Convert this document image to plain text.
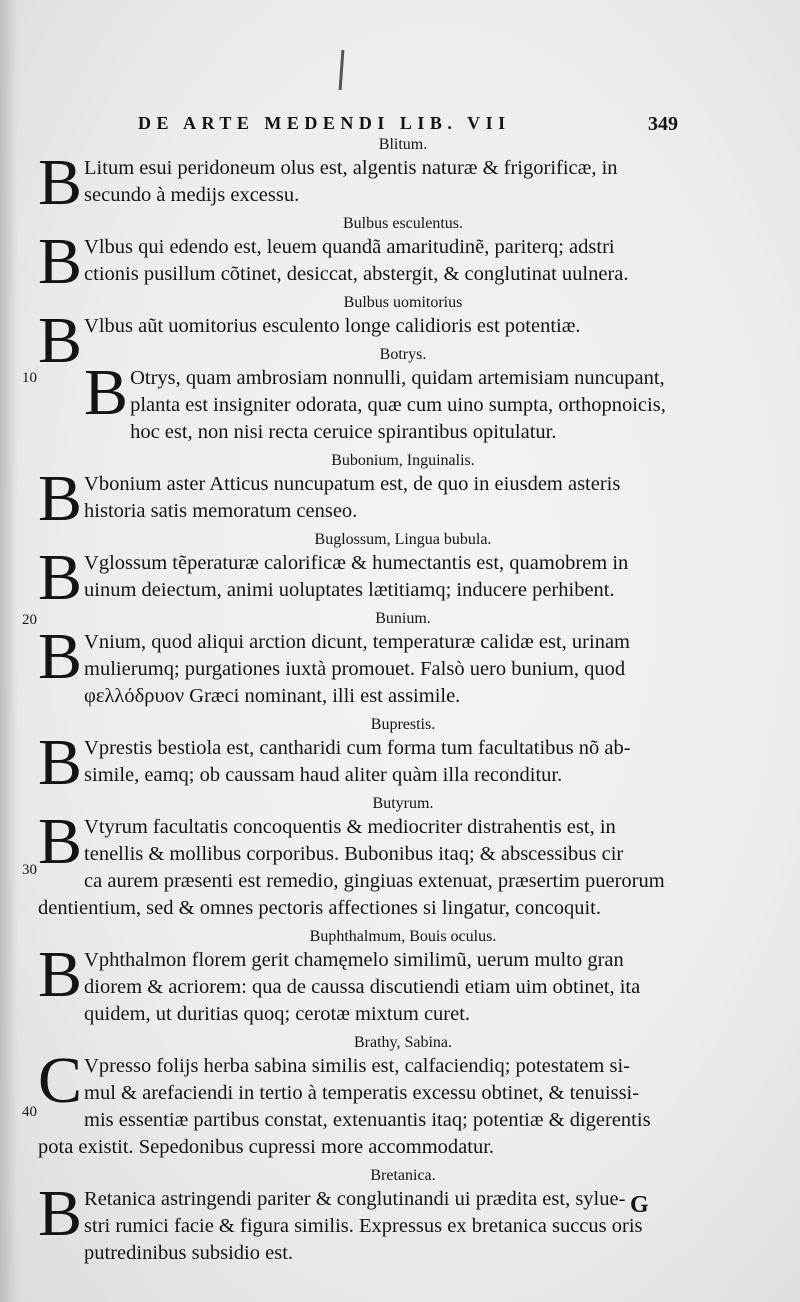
DE ARTE MEDENDI LIB. VII	349
Blitum.
B Litum esui peridoneum olus est, algentis naturæ & frigorificæ, in
secundo à medijs excessu.
Bulbus esculentus.
B Vlbus qui edendo est, leuem quandã amaritudinẽ, pariterq; adstri
ctionis pusillum cõtinet, desiccat, abstergit, & conglutinat uulnera.
Bulbus uomitorius
B Vlbus aũt uomitorius esculento longe calidioris est potentiæ.
Botrys.
B Otrys, quam ambrosiam nonnulli, quidam artemisiam nuncupant,
planta est insigniter odorata, quæ cum uino sumpta, orthopnoicis,
hoc est, non nisi recta ceruice spirantibus opitulatur.
Bubonium, Inguinalis.
B Vbonium aster Atticus nuncupatum est, de quo in eiusdem asteris
historia satis memoratum censeo.
Buglossum, Lingua bubula.
B Vglossum tẽperaturæ calorificæ & humectantis est, quamobrem in
uinum deiectum, animi uoluptates lætitiamq; inducere perhibent.
Bunium.
B Vnium, quod aliqui arction dicunt, temperaturæ calidæ est, urinam
mulierumq; purgationes iuxtà promouet. Falsò uero bunium, quod
φελλόδρυον Græci nominant, illi est assimile.
Buprestis.
B Vprestis bestiola est, cantharidi cum forma tum facultatibus nõ ab-
simile, eamq; ob caussam haud aliter quàm illa reconditur.
Butyrum.
B Vtyrum facultatis concoquentis & mediocriter distrahentis est, in
tenellis & mollibus corporibus. Bubonibus itaq; & abscessibus cir
ca aurem præsenti est remedio, gingiuas extenuat, præsertim puerorum
dentientium, sed & omnes pectoris affectiones si lingatur, concoquit.
Buphthalmum, Bouis oculus.
B Vphthalmon florem gerit chamęmelo similimũ, uerum multo gran
diorem & acriorem: qua de caussa discutiendi etiam uim obtinet, ita
quidem, ut duritias quoq; cerotæ mixtum curet.
Brathy, Sabina.
C Vpresso folijs herba sabina similis est, calfaciendiq; potestatem si-
mul & arefaciendi in tertio à temperatis excessu obtinet, & tenuissi-
mis essentiæ partibus constat, extenuantis itaq; potentiæ & digerentis
pota existit. Sepedonibus cupressi more accommodatur.
Bretanica.
B Retanica astringendi pariter & conglutinandi ui prædita est, sylue-
stri rumici facie & figura similis. Expressus ex bretanica succus oris
putredinibus subsidio est.
10
20
30
40
G
